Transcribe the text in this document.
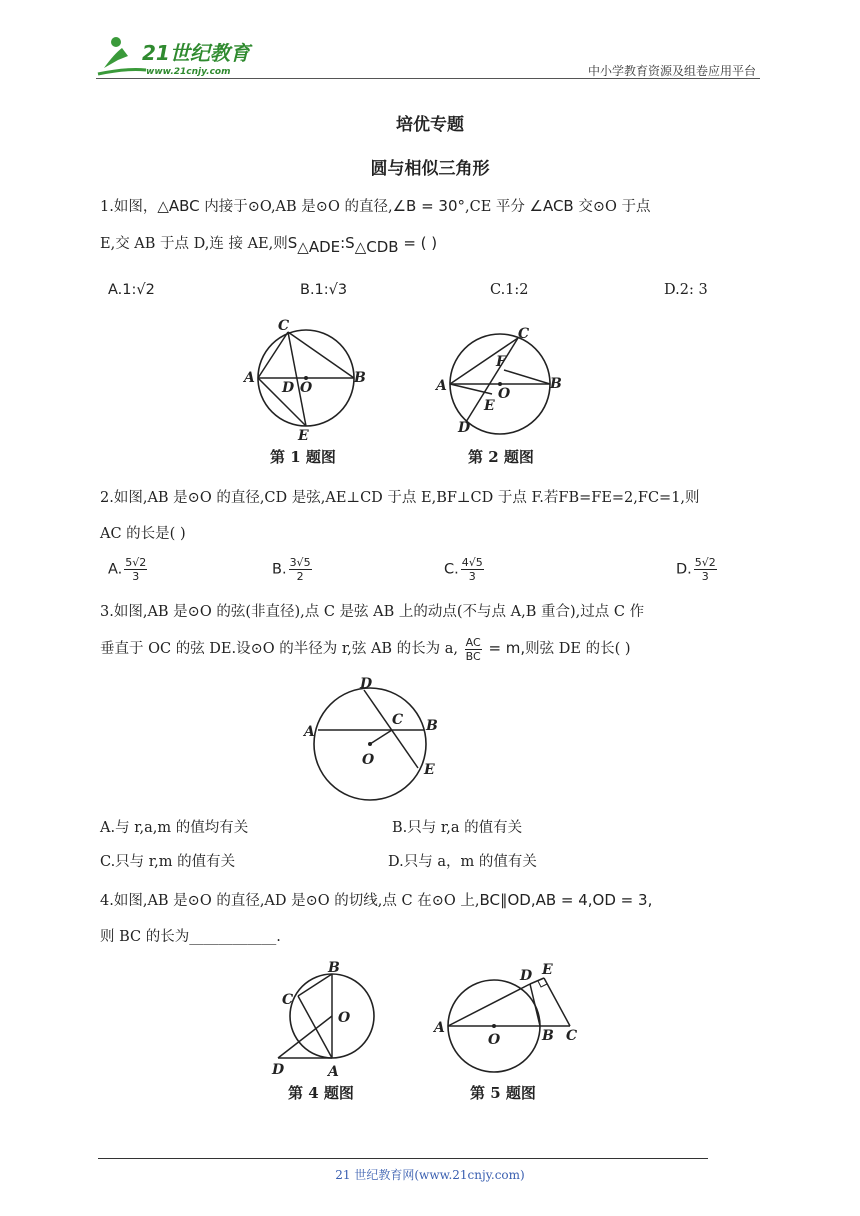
21世纪教育
www.21cnjy.com	中小学教育资源及组卷应用平台
培优专题
圆与相似三角形
1.如图，△ABC 内接于⊙O,AB 是⊙O 的直径,∠B = 30°,CE 平分 ∠ACB 交⊙O 于点
E,交 AB 于点 D,连 接 AE,则$S_{\triangle ADE}:S_{\triangle CDB}$ = ( )
A.1:√2	B.1:√3	C.1:2	D.2: 3
C
A
D O
B
E
第 1 题图
C
F
A	O
B
E
D
第 2 题图
2.如图,AB 是⊙O 的直径,CD 是弦,AE⊥CD 于点 E,BF⊥CD 于点 F.若FB=FE=2,FC=1,则
AC 的长是( )
A. $\frac{5√2}{3}$	B. $\frac{3√5}{2}$	C. $\frac{4√5}{3}$	D. $\frac{5√2}{3}$
3.如图,AB 是⊙O 的弦(非直径),点 C 是弦 AB 上的动点(不与点 A,B 重合),过点 C 作
垂直于 OC 的弦 DE.设⊙O 的半径为 r,弦 AB 的长为 a, $\frac{AC}{BC} = m$,则弦 DE 的长( )
D
C B
A
O
E
A.与 r,a,m 的值均有关	B.只与 r,a 的值有关
C.只与 r,m 的值有关	D.只与 a，m 的值有关
4.如图,AB 是⊙O 的直径,AD 是⊙O 的切线,点 C 在⊙O 上,BC∥OD,AB = 4,OD = 3,
则 BC 的长为____________.
B
C
O
D	A
第 4 题图
D E
A
O	B C
第 5 题图
21 世纪教育网(www.21cnjy.com)
